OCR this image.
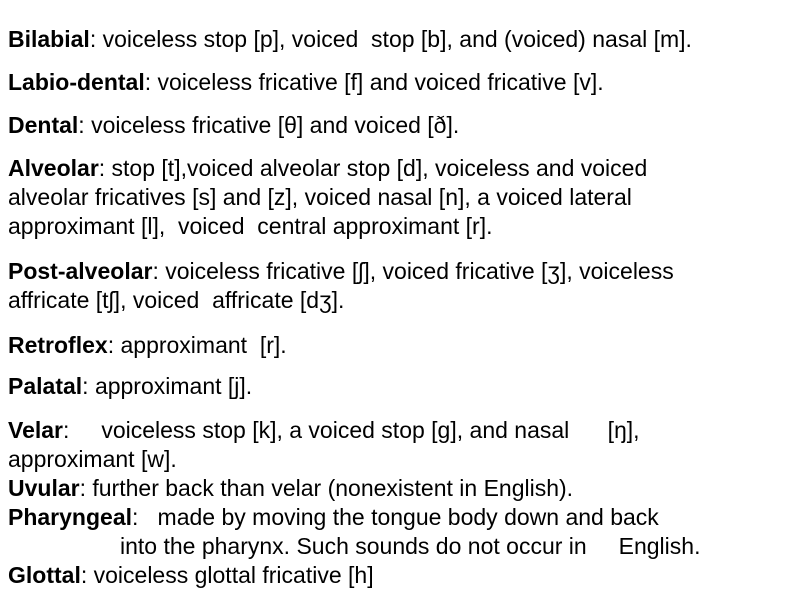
Bilabial: voiceless stop [p], voiced  stop [b], and (voiced) nasal [m].

Labio-dental: voiceless fricative [f] and voiced fricative [v].

Dental: voiceless fricative [θ] and voiced [ð].

Alveolar: stop [t],voiced alveolar stop [d], voiceless and voiced
alveolar fricatives [s] and [z], voiced nasal [n], a voiced lateral
approximant [l],  voiced  central approximant [r].

Post-alveolar: voiceless fricative [ʃ], voiced fricative [ʒ], voiceless
affricate [tʃ], voiced  affricate [dʒ].

Retroflex: approximant  [r].

Palatal: approximant [j].

Velar:     voiceless stop [k], a voiced stop [g], and nasal      [ŋ],
approximant [w].

Uvular: further back than velar (nonexistent in English).

Pharyngeal:   made by moving the tongue body down and back
into the pharynx. Such sounds do not occur in     English.

Glottal: voiceless glottal fricative [h]
